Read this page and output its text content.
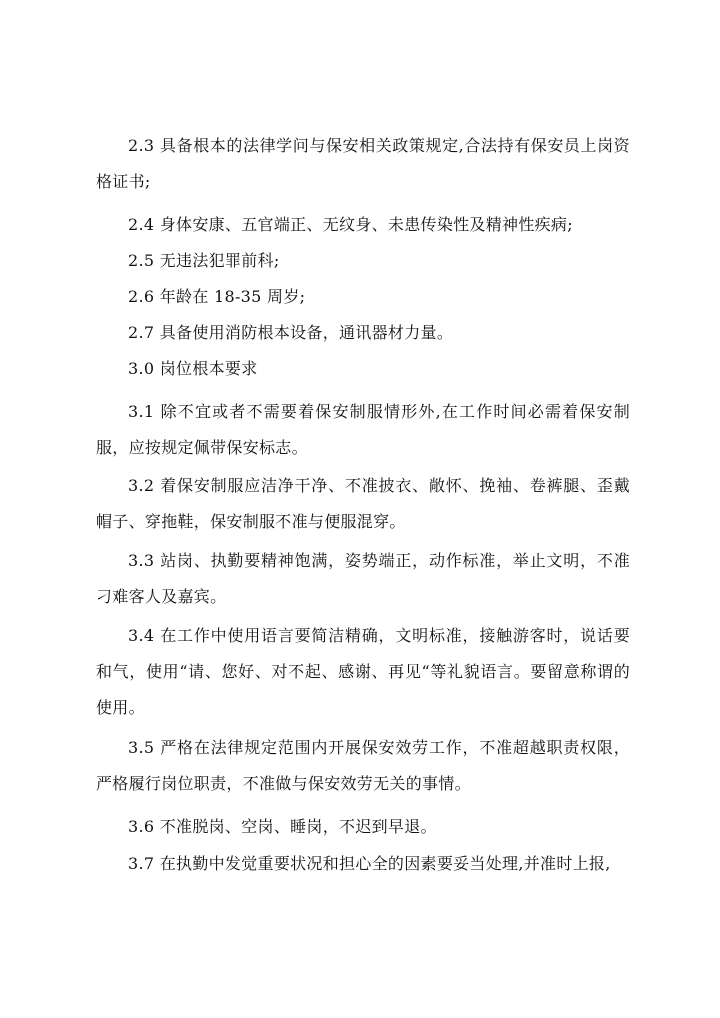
2.3 具备根本的法律学问与保安相关政策规定,合法持有保安员上岗资格证书;

2.4 身体安康、五官端正、无纹身、未患传染性及精神性疾病;

2.5 无违法犯罪前科;

2.6 年龄在 18-35 周岁;

2.7 具备使用消防根本设备，通讯器材力量。

3.0 岗位根本要求

3.1 除不宜或者不需要着保安制服情形外,在工作时间必需着保安制服，应按规定佩带保安标志。

3.2 着保安制服应洁净干净、不准披衣、敞怀、挽袖、卷裤腿、歪戴帽子、穿拖鞋，保安制服不准与便服混穿。

3.3 站岗、执勤要精神饱满，姿势端正，动作标准，举止文明，不准刁难客人及嘉宾。

3.4 在工作中使用语言要简洁精确，文明标准，接触游客时，说话要和气，使用“请、您好、对不起、感谢、再见“等礼貌语言。要留意称谓的使用。

3.5 严格在法律规定范围内开展保安效劳工作，不准超越职责权限，严格履行岗位职责，不准做与保安效劳无关的事情。

3.6 不准脱岗、空岗、睡岗，不迟到早退。

3.7 在执勤中发觉重要状况和担心全的因素要妥当处理,并准时上报,
